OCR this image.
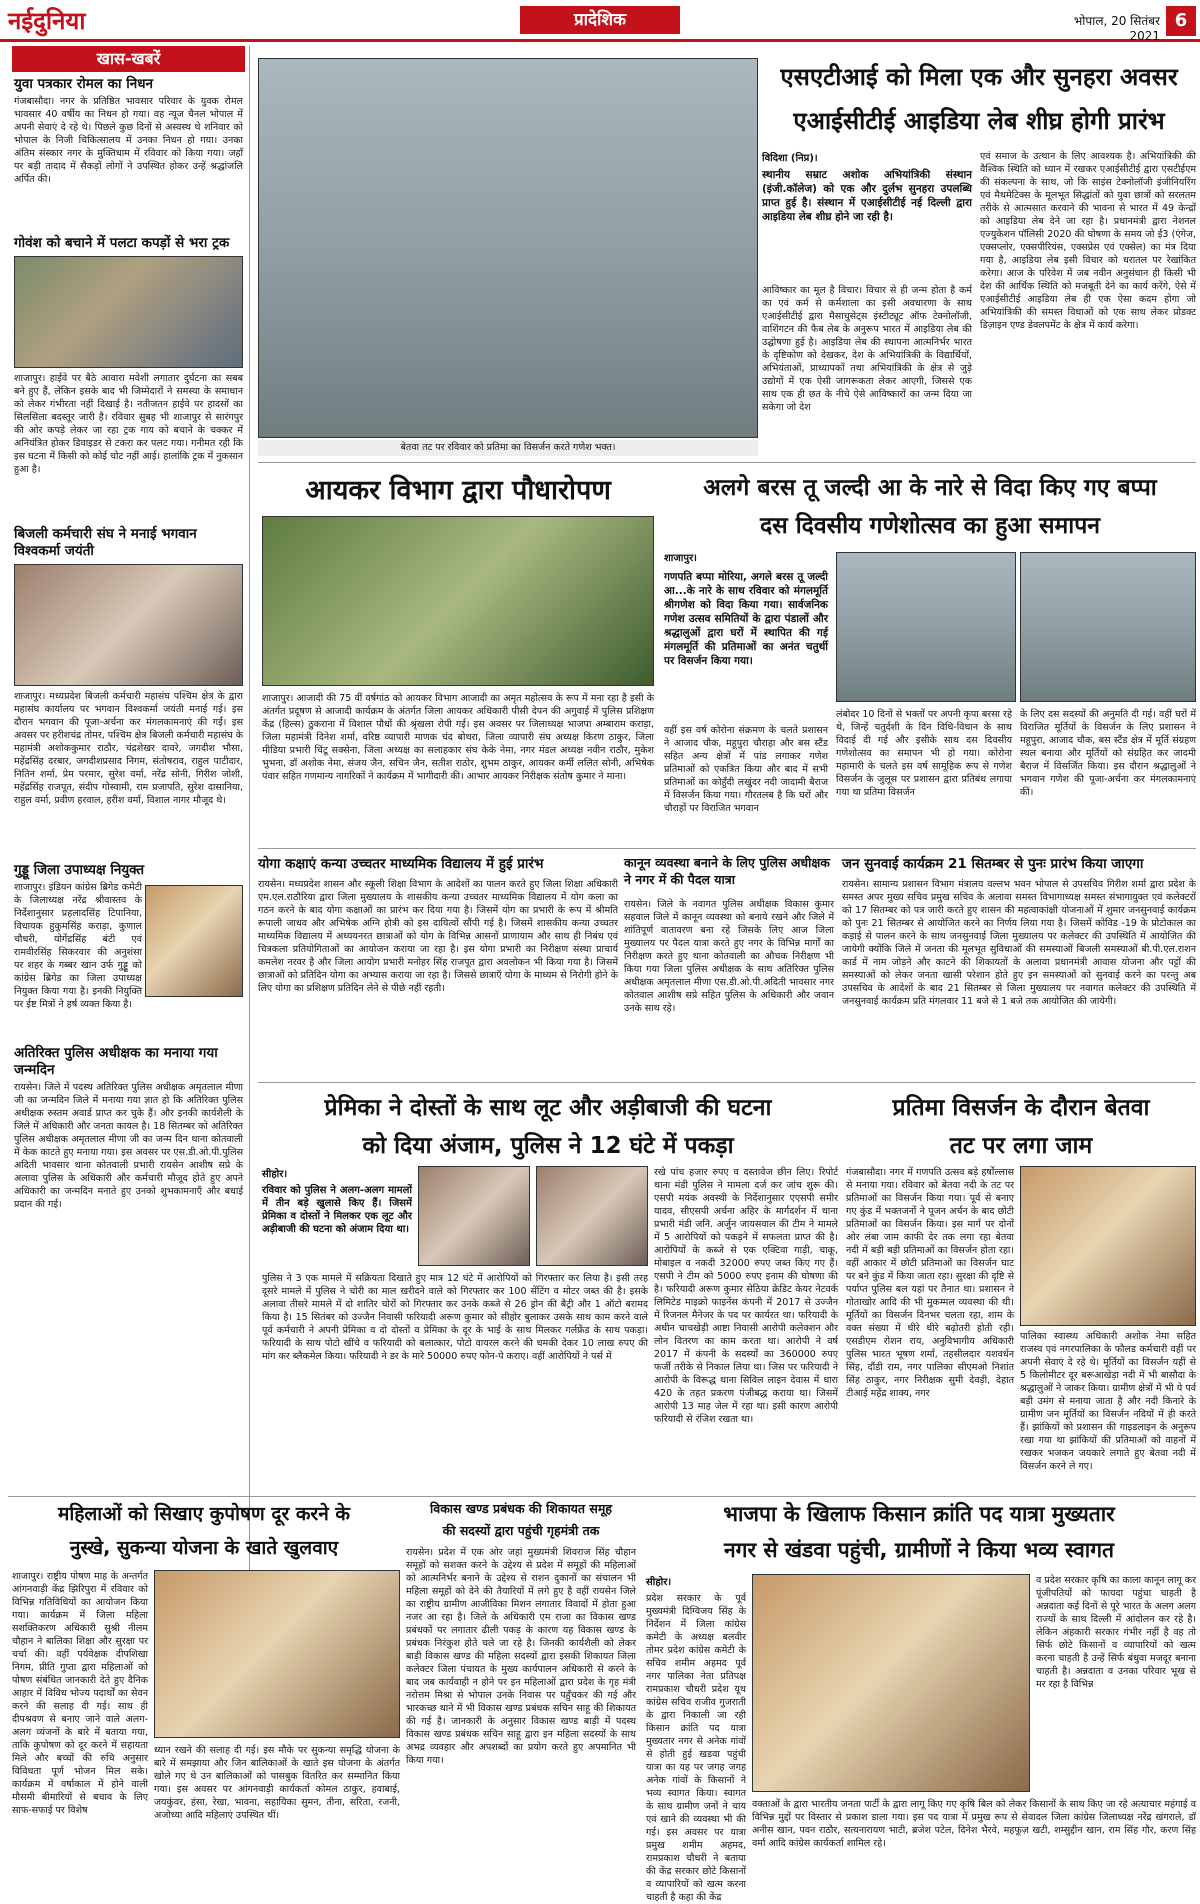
नईदुनिया	प्रादेशिक	भोपाल, 20 सितंबर 2021
6
खास-खबरें
युवा पत्रकार रोमल का निधन
गंजबासौदा। नगर के प्रतिष्ठित भावसार परिवार के युवक रोमल भावसार 40 वर्षीय का निधन हो गया। वह न्यूज चैनल भोपाल में अपनी सेवाएं दे रहे थे। पिछले कुछ दिनों से अस्वस्थ थे शनिवार को भोपाल के निजी चिकित्सालय में उनका निधन हो गया। उनका अंतिम संस्कार नगर के मुक्तिधाम में रविवार को किया गया। जहाँ पर बड़ी तादाद में सैकड़ों लोगों ने उपस्थित होकर उन्हें श्रद्धांजलि अर्पित की।
गोवंश को बचाने में पलटा कपड़ों से भरा ट्रक
शाजापुर। हाईवे पर बैठे आवारा मवेशी लगातार दुर्घटना का सबब बने हुए हैं, लेकिन इसके बाद भी जिम्मेदारों ने समस्या के समाधान को लेकर गंभीरता नहीं दिखाई है। नतीजतन हाईवे पर हादसों का सिलसिला बदस्तूर जारी है। रविवार सुबह भी शाजापुर से सारंगपुर की ओर कपड़े लेकर जा रहा ट्रक गाय को बचाने के चक्कर में अनियंत्रित होकर डिवाइडर से टकरा कर पलट गया। गनीमत रही कि इस घटना में किसी को कोई चोट नहीं आई। हालांकि ट्रक में नुकसान हुआ है।
बिजली कर्मचारी संघ ने मनाई भगवान विश्वकर्मा जयंती
शाजापुर। मध्यप्रदेश बिजली कर्मचारी महासंघ पश्चिम क्षेत्र के द्वारा महासंघ कार्यालय पर भगवान विश्वकर्मा जयंती मनाई गई। इस दौरान भगवान की पूजा-अर्चना कर मंगलकामनाएं की गईं। इस अवसर पर हरीशचंद्र तोमर, पश्चिम क्षेत्र बिजली कर्मचारी महासंघ के महामंत्री अशोककुमार राठौर, चंद्रशेखर दावरे, जगदीश भौसा, महेंद्रसिंह दरबार, जगदीशप्रसाद निगम, संतोषराव, राहुल पाटीदार, नितिन शर्मा, प्रेम परमार, सुरेश वर्मा, नरेंद्र सोनी, गिरीश जोशी, महेंद्रसिंह राजपूत, संदीप गोस्वामी, राम प्रजापति, सुरेश दासानिया, राहुल वर्मा, प्रवीण हरवाल, हरीश वर्मा, विशाल नागर मौजूद थे।
गुड्डू जिला उपाध्यक्ष नियुक्त
शाजापुर। इंडियन कांग्रेस ब्रिगेड कमेटी के जिलाध्यक्ष नरेंद्र श्रीवास्तव के निर्देशानुसार प्रहलादसिंह टिपानिया, विधायक हुकुमसिंह कराड़ा, कुणाल चौधरी, योगेंद्रसिंह बंटी एवं रामवीरसिंह सिकरवार की अनुशंसा पर शहर के गब्बर खान उर्फ गुड्डू को कांग्रेस ब्रिगेड का जिला उपाध्यक्ष नियुक्त किया गया है। इनकी नियुक्ति पर ईष्ट मित्रों ने हर्ष व्यक्त किया है।
अतिरिक्त पुलिस अधीक्षक का मनाया गया जन्मदिन
रायसेन। जिले में पदस्थ अतिरिक्त पुलिस अधीक्षक अमृतलाल मीणा जी का जन्मदिन जिले में मनाया गया ज्ञात हो कि अतिरिक्त पुलिस अधीक्षक रुस्तम अवार्ड प्राप्त कर चुके हैं। और इनकी कार्यशैली के जिले में अधिकारी और जनता कायल है। 18 सितम्बर को अतिरिक्त पुलिस अधीक्षक अमृतलाल मीणा जी का जन्म दिन थाना कोतवाली में केक काटते हुए मनाया गया। इस अवसर पर एस.डी.ओ.पी.पुलिस अदिती भावसार थाना कोतवाली प्रभारी रायसेन आशीष सप्रे के अलावा पुलिस के अधिकारी और कर्मचारी मौजूद होते हुए अपने अधिकारी का जन्मदिन मनाते हुए उनको शुभकामनाएँ और बधाई प्रदान की गई।
बेतवा तट पर रविवार को प्रतिमा का विसर्जन करते गणेश भक्त।
एसएटीआई को मिला एक और सुनहरा अवसर
एआईसीटीई आइडिया लेब शीघ्र होगी प्रारंभ
विदिशा (निप्र)।
स्थानीय सम्राट अशोक अभियांत्रिकी संस्थान (इंजी.कॉलेज) को एक और दुर्लभ सुनहरा उपलब्धि प्राप्त हुई है। संस्थान में एआईसीटीई नई दिल्ली द्वारा आइडिया लेब शीघ्र होने जा रही है।
आविष्कार का मूल है विचार। विचार से ही जन्म होता है कर्म का एवं कर्म से कर्मशाला का इसी अवधारणा के साथ एआईसीटीई द्वारा मैसाचुसेट्स इंस्टीट्यूट ऑफ टेक्नोलॉजी, वाशिंगटन की फैब लेब के अनुरूप भारत में आइडिया लेब की उद्घोषणा हुई है। आइडिया लेब की स्थापना आत्मनिर्भर भारत के दृष्टिकोण को देखकर, देश के अभियांत्रिकी के विद्यार्थियों, अभियंताओं, प्राध्यापकों तथा अभियांत्रिकी के क्षेत्र से जुड़े उद्योगों में एक ऐसी जागरूकता लेकर आएगी, जिससे एक साथ एक ही छत के नीचे ऐसे आविष्कारों का जन्म दिया जा सकेगा जो देश
एवं समाज के उत्थान के लिए आवश्यक है। अभियांत्रिकी की वैश्विक स्थिति को ध्यान में रखकर एआईसीटीई द्वारा एसटीईएम की संकल्पना के साथ, जो कि साइंस टेक्नोलॉजी इंजीनियरिंग एवं मैथमेटिक्स के मूलभूत सिद्धांतों को युवा छात्रों को सरलतम तरीके से आत्मसात करवाने की भावना से भारत में 49 केन्द्रों को आइडिया लेब देने जा रहा है। प्रधानमंत्री द्वारा नेशनल एज्युकेशन पॉलिसी 2020 की घोषणा के समय जो ई3 (एंगेज, एक्सप्लोर, एक्सपीरियंस, एक्सप्रेस एवं एक्सेल) का मंत्र दिया गया है, आइडिया लेब इसी विचार को धरातल पर रेखांकित करेगा। आज के परिवेश में जब नवीन अनुसंधान ही किसी भी देश की आर्थिक स्थिति को मजबूती देने का कार्य करेंगे, ऐसे में एआईसीटीई आइडिया लेब ही एक ऐसा कदम होगा जो अभियांत्रिकी की समस्त विधाओं को एक साथ लेकर प्रोडक्ट डिज़ाइन एण्ड डेवलपमेंट के क्षेत्र में कार्य करेगा।
आयकर विभाग द्वारा पौधारोपण
शाजापुर। आजादी की 75 वीं वर्षगांठ को आयकर विभाग आजादी का अमृत महोत्सव के रूप में मना रहा है इसी के अंतर्गत प्रदूषण से आजादी कार्यक्रम के अंतर्गत जिला आयकर अधिकारी पीसी देपन की अगुवाई में पुलिस प्रशिक्षण केंद्र (हिल्स) ठुकराना में विशाल पौधों की श्रृंखला रोपी गई। इस अवसर पर जिलाध्यक्ष भाजपा अम्बाराम कराड़ा, जिला महामंत्री दिनेश शर्मा, वरिष्ठ व्यापारी माणक चंद बोथरा, जिला व्यापारी संघ अध्यक्ष किरण ठाकुर, जिला मीडिया प्रभारी चिंटू सक्सेना, जिला अध्यक्ष का सलाहकार संघ केके नेमा, नगर मंडल अध्यक्ष नवीन राठौर, मुकेश भुभना, डॉ अशोक नेमा, संजय जैन, सचिन जैन, सतीश राठोर, शुभम ठाकुर, आयकर कर्मी ललित सोनी, अभिषेक पंवार सहित गणमान्य नागरिकों ने कार्यक्रम में भागीदारी की। आभार आयकर निरीक्षक संतोष कुमार ने माना।
अलगे बरस तू जल्दी आ के नारे से विदा किए गए बप्पा
दस दिवसीय गणेशोत्सव का हुआ समापन
शाजापुर।
गणपति बप्पा मोरिया, अगले बरस तू जल्दी आ...के नारे के साथ रविवार को मंगलमूर्ति श्रीगणेश को विदा किया गया। सार्वजनिक गणेश उत्सव समितियों के द्वारा पंडालों और श्रद्धालुओं द्वारा घरों में स्थापित की गई मंगलमूर्ति की प्रतिमाओं का अनंत चतुर्थी पर विसर्जन किया गया।
वहीं इस वर्ष कोरोना संक्रमण के चलते प्रशासन ने आजाद चौक, महूपुरा चौराहा और बस स्टैंड सहित अन्य क्षेत्रों में पांड लगाकर गणेश प्रतिमाओं को एकत्रित किया और बाद में सभी प्रतिमाओं का कोहुँदी लखुंदर नदी जादामी बैराज में विसर्जन किया गया। गौरतलब है कि घरों और चौराहों पर विराजित भगवान
लंबोदर 10 दिनों से भक्तों पर अपनी कृपा बरसा रहे थे, जिन्हें चतुर्दशी के दिन विधि-विधान के साथ विदाई दी गई और इसीके साथ दस दिवसीय गणेशोत्सव का समापन भी हो गया। कोरोना महामारी के चलते इस वर्ष सामूहिक रूप से गणेश विसर्जन के जुलूस पर प्रशासन द्वारा प्रतिबंध लगाया गया था प्रतिमा विसर्जन
के लिए दस सदस्यों की अनुमति दी गई। वहीं घरों में विराजित मूर्तियों के विसर्जन के लिए प्रशासन ने महूपुरा, आजाद चौक, बस स्टैंड क्षेत्र में मूर्ति संग्रहण स्थल बनाया और मूर्तियों को संग्रहित कर जादमी बैराज में विसर्जित किया। इस दौरान श्रद्धालुओं ने भगवान गणेश की पूजा-अर्चना कर मंगलकामनाएं कीं।
योगा कक्षाएं कन्या उच्चतर माध्यमिक विद्यालय में हुई प्रारंभ
रायसेन। मध्यप्रदेश शासन और स्कूली शिक्षा विभाग के आदेशों का पालन करते हुए जिला शिक्षा अधिकारी एम.एल.राठौरिया द्वारा जिला मुख्यालय के शासकीय कन्या उच्चतर माध्यमिक विद्यालय में योग कला का गठन करने के बाद योगा कक्षाओं का प्रारंभ कर दिया गया है। जिसमें योग का प्रभारी के रूप में श्रीमति रूपाली जाधव और अभिषेक अग्नि होत्री को इस दायित्वों सौंपी गई है। जिसमें शासकीय कन्या उच्चतर माध्यमिक विद्यालय में अध्ययनरत छात्राओं को योग के विभिन्न आसनों प्राणायाम और साथ ही निबंध एवं चित्रकला प्रतियोगिताओं का आयोजन कराया जा रहा है। इस योगा प्रभारी का निरीक्षण संस्था प्राचार्य कमलेश नरवर है और जिला आयोग प्रभारी मनोहर सिंह राजपूत द्वारा अवलोकन भी किया गया है। जिसमें छात्राओं को प्रतिदिन योगा का अभ्यास कराया जा रहा है। जिससे छात्राएँ योगा के माध्यम से निरोगी होने के लिए योगा का प्रशिक्षण प्रतिदिन लेने से पीछे नहीं रहती।
कानून व्यवस्था बनाने के लिए पुलिस अधीक्षक ने नगर में की पैदल यात्रा
रायसेन। जिले के नवागत पुलिस अधीक्षक विकास कुमार सहवाल जिले में कानून व्यवस्था को बनाये रखने और जिले में शांतिपूर्ण वातावरण बना रहे जिसके लिए आज जिला मुख्यालय पर पैदल यात्रा करते हुए नगर के विभिन्न मार्गों का निरीक्षण करते हुए थाना कोतवाली का औचक निरीक्षण भी किया गया जिला पुलिस अधीक्षक के साथ अतिरिक्त पुलिस अधीक्षक अमृतलाल मीणा एस.डी.ओ.पी.अदिती भावसार नगर कोतवाल आशीष सप्रे सहित पुलिस के अधिकारी और जवान उनके साथ रहे।
जन सुनवाई कार्यक्रम 21 सितम्बर से पुनः प्रारंभ किया जाएगा
रायसेन। सामान्य प्रशासन विभाग मंत्रालय वल्लभ भवन भोपाल से उपसचिव गिरीश शर्मा द्वारा प्रदेश के समस्त अपर मुख्य सचिव प्रमुख सचिव के अलावा समस्त विभागाध्यक्ष समस्त संभागायुक्त एवं कलेक्टरों को 17 सितम्बर को पत्र जारी करते हुए शासन की महत्वाकांक्षी योजनाओं में शुमार जनसुनवाई कार्यक्रम को पुनः 21 सितम्बर से आयोजित करने का निर्णय लिया गया है। जिसमें कोविड -19 के प्रोटोकाल का कड़ाई से पालन करने के साथ जनसुनवाई जिला मुख्यालय पर कलेक्टर की उपस्थिति में आयोजित की जायेगी क्योंकि जिले में जनता की मूलभूत सुविधाओं की समस्याओं बिजली समस्याओं बी.पी.एल.राशन कार्ड में नाम जोड़ने और काटने की शिकायतों के अलावा प्रधानमंत्री आवास योजना और पट्टों की समस्याओं को लेकर जनता खासी परेशान होते हुए इन समस्याओं को सुनवाई करने का परन्तु अब उपसचिव के आदेशों के बाद 21 सितम्बर से जिला मुख्यालय पर नवागत कलेक्टर की उपस्थिति में जनसुनवाई कार्यक्रम प्रति मंगलवार 11 बजे से 1 बजे तक आयोजित की जायेगी।
प्रेमिका ने दोस्तों के साथ लूट और अड़ीबाजी की घटना
को दिया अंजाम, पुलिस ने 12 घंटे में पकड़ा
सीहोर।
रविवार को पुलिस ने अलग-अलग मामलों में तीन बड़े खुलासे किए हैं। जिसमें प्रेमिका व दोस्तों ने मिलकर एक लूट और अड़ीबाजी की घटना को अंजाम दिया था।
पुलिस ने 3 एक मामले में सक्रियता दिखाते हुए मात्र 12 घंटे में आरोपियों को गिरफ्तार कर लिया है। इसी तरह दूसरे मामले में पुलिस ने चोरी का माल खरीदने वाले को गिरफ्तार कर 100 सेंटिंग व मोटर जब्त की है। इसके अलावा तीसरे मामले में दो शातिर चोरों को गिरफ्तार कर उनके कब्जे से 26 ड्रोन की बैट्री और 1 ऑटो बरामद किया है। 15 सितंबर को उज्जैन निवासी फरियादी अरूण कुमार को सीहोर बुलाकर उसके साथ काम करने वाले पूर्व कर्मचारी ने अपनी प्रेमिका व दो दोस्तों व प्रेमिका के दूर के भाई के साथ मिलकर गर्लफ्रेंड के साथ पकड़ा। फरियादी के साथ पोटो खींचे व फरियादी को बलात्कार, पोटो वायरल करने की धमकी देकर 10 लाख रुपए की मांग कर ब्लैकमेल किया। फरियादी ने डर के मारे 50000 रुपए फोन-पे कराए। वहीं आरोपियों ने पर्स में
रखे पांच हजार रुपए व दस्तावेज छीन लिए। रिपोर्ट थाना मंडी पुलिस ने मामला दर्ज कर जांच शुरू की। एसपी मयंक अवस्थी के निर्देशानुसार एएसपी समीर यादव, सीएसपी अर्चना अहिर के मार्गदर्शन में थाना प्रभारी मंडी जनि. अर्जुन जायसवाल की टीम ने मामले में 5 आरोपियों को पकड़ने में सफलता प्राप्त की है। आरोपियों के कब्जे से एक एक्टिवा गाड़ी, चाकू, मोबाइल व नकदी 32000 रुपए जब्त किए गए हैं। एसपी ने टीम को 5000 रुपए इनाम की घोषणा की है। फरियादी अरूण कुमार सेठिया क्रेडिट केयर नेटवर्क लिमिटेड माइक्रो फाइनेंस कंपनी में 2017 से उज्जैन में रिजनल मैनेजर के पद पर कार्यरत था। फरियादी के अधीन चाचखेड़ी आष्टा निवासी आरोपी कलेक्शन और लोन वितरण का काम करता था। आरोपी ने वर्ष 2017 में कंपनी के सदस्यों का 360000 रुपए फर्जी तरीके से निकाल लिया था। जिस पर फरियादी ने आरोपी के विरूद्ध थाना सिविल लाइन देवास में धारा 420 के तहत प्रकरण पंजीबद्ध कराया था। जिसमें आरोपी 13 माह जेल में रहा था। इसी कारण आरोपी फरियादी से रंजिश रखता था।
प्रतिमा विसर्जन के दौरान बेतवा
तट पर लगा जाम
गंजबासौदा। नगर में गणपति उत्सव बड़े हर्षोल्लास से मनाया गया। रविवार को बेतवा नदी के तट पर प्रतिमाओं का विसर्जन किया गया। पूर्व से बनाए गए कुंड में भक्तजनों ने पूजन अर्चन के बाद छोटी प्रतिमाओं का विसर्जन किया। इस मार्ग पर दोनों ओर लंबा जाम काफी देर तक लगा रहा बेतवा नदी में बड़ी बड़ी प्रतिमाओं का विसर्जन होता रहा। वहीं आकार में छोटी प्रतिमाओं का विसर्जन घाट पर बने कुंड में किया जाता रहा। सुरक्षा की दृष्टि से पर्याप्त पुलिस बल यहां पर तैनात था। प्रशासन ने गोताखोर आदि की भी मुकम्मल व्यवस्था की थी। मूर्तियों का विसर्जन दिनभर चलता रहा, शाम के वक्त संख्या में धीरे धीरे बढ़ोतरी होती रही। एसडीएम रोशन राय, अनुविभागीय अधिकारी पुलिस भारत भूषण शर्मा, तहसीलदार यशवर्धन सिंह, दौंडी राम, नगर पालिका सीएमओ निशांत सिंह ठाकुर, नगर निरीक्षक सुमी देवड़ी, देहात टीआई महेंद्र शाक्य, नगर
पालिका स्वास्थ्य अधिकारी अशोक नेमा सहित राजस्व एवं नगरपालिका के फौलड कर्मचारी वहीं पर अपनी सेवाएं दे रहे थे। मूर्तियों का विसर्जन यहीं से 5 किलोमीटर दूर बरूआखेड़ा नदी में भी बासौदा के श्रद्धालुओं ने जाकर किया। ग्रामीण क्षेत्रों में भी ये पर्व बड़ी उमंग से मनाया जाता है और नदी किनारे के ग्रामीण जन मूर्तियों का विसर्जन नदियों में ही करते हैं। झांकियों को प्रशासन की गाइडलाइन के अनुरूप रखा गया था झांकियों की प्रतिमाओं को वाहनों में रखकर भजकन जयकारे लगाते हुए बेतवा नदी में विसर्जन करने ले गए।
महिलाओं को सिखाए कुपोषण दूर करने के
नुस्खे, सुकन्या योजना के खाते खुलवाए
शाजापुर। राष्ट्रीय पोषण माह के अन्तर्गत आंगनवाड़ी केंद्र झिरिपुरा में रविवार को विभिन्न गतिविधियों का आयोजन किया गया। कार्यक्रम में जिला महिला सशक्तिकरण अधिकारी सुश्री नीलम चौहान ने बालिका शिक्षा और सुरक्षा पर चर्चा की। वहीं पर्यवेक्षक दीपशिखा निगम, प्रीति गुप्ता द्वारा महिलाओं को पोषण संबंधित जानकारी देते हुए दैनिक आहार में विविध भोज्य पदार्थों का सेवन करने की सलाह दी गई। साथ ही दीपश्रवण से बनाए जाने वाले अलग-अलग व्यंजनों के बारे में बताया गया, ताकि कुपोषण को दूर करने में सहायता मिले और बच्चों की रुचि अनुसार विविधता पूर्ण भोजन मिल सके। कार्यक्रम में वर्षाकाल में होने वाली मौसमी बीमारियों से बचाव के लिए साफ-सफाई पर विशेष
ध्यान रखने की सलाह दी गई। इस मौके पर सुकन्या समृद्धि योजना के बारे में समझाया और जिन बालिकाओं के खाते इस योजना के अंतर्गत खोले गए थे उन बालिकाओं को पासबुक वितरित कर सम्मानित किया गया। इस अवसर पर आंगनवाड़ी कार्यकर्ता कोमल ठाकुर, हवाबाई, जयकुंवर, हंसा, रेखा, भावना, सहायिका सुमन, तीना, सरिता, रजनी, अजोध्या आदि महिलाएं उपस्थित थीं।
विकास खण्ड प्रबंधक की शिकायत समूह
की सदस्यों द्वारा पहुंची गृहमंत्री तक
रायसेन। प्रदेश में एक ओर जहां मुख्यमंत्री शिवराज सिंह चौहान समूहों को सशक्त करने के उद्देश्य से प्रदेश में समूहों की महिलाओं को आत्मनिर्भर बनाने के उद्देश्य से राशन दुकानों का संचालन भी महिला समूहों को देने की तैयारियों में लगे हुए है वहीं रायसेन जिले का राष्ट्रीय ग्रामीण आजीविका मिशन लगातार विवादों में होता हुआ नजर आ रहा है। जिले के अधिकारी एम राजा का विकास खण्ड प्रबंधकों पर लगातार ढीली पकड़ के कारण यह विकास खण्ड के प्रबंधक निरंकुश होते चले जा रहे है। जिनकी कार्यशैली को लेकर बाड़ी विकास खण्ड की महिला सदस्यों द्वारा इसकी शिकायत जिला कलेक्टर जिला पंचायत के मुख्य कार्यपालन अधिकारी से करने के बाद जब कार्यवाही न होने पर इन महिलाओं द्वारा प्रदेश के गृह मंत्री नरोत्तम मिश्रा से भोपाल उनके निवास पर पहुँचकर की गई और भारकच्छ थाने में भी विकास खण्ड प्रबंधक सचिन साहू की शिकायत की गई है। जानकारी के अनुसार विकास खण्ड बाड़ी में पदस्थ विकास खण्ड प्रबंधक सचिन साहू द्वारा इन महिला सदस्यों के साथ अभद्र व्यवहार और अपशब्दों का प्रयोग करते हुए अपमानित भी किया गया।
भाजपा के खिलाफ किसान क्रांति पद यात्रा मुख्यतार
नगर से खंडवा पहुंची, ग्रामीणों ने किया भव्य स्वागत
सीहोर।
प्रदेश सरकार के पूर्व मुख्यमंत्री दिग्विजय सिंह के निर्देशन में जिला कांग्रेस कमेटी के अध्यक्ष बलवीर तोमर प्रदेश कांग्रेस कमेटी के सचिव शमीम अहमद पूर्व नगर पालिका नेता प्रतिपक्ष रामप्रकाश चौधरी प्रदेश यूथ कांग्रेस सचिव राजीव गुजराती के द्वारा निकाली जा रही किसान क्रांति पद यात्रा मुख्यतार नगर से अनेक गांवों से होती हुई खडवा पहुंची यात्रा का यह पर जगह जगह अनेक गांवों के किसानों ने भव्य स्वागत किया। स्वागत के साथ ग्रामीण जनों ने चाय एवं खाने की व्यवस्था भी की गई। इस अवसर पर यात्रा प्रमुख शमीम अहमद, रामप्रकाश चौधरी ने बताया की केंद्र सरकार छोटे किसानों व व्यापारियों को खत्म करना चाहती है कहा की केंद्र
व प्रदेश सरकार कृषि का काला कानून लागू कर पूंजीपतियों को फायदा पहुंचा चाहती है अन्नदाता कई दिनों से पूरे भारत के अलग अलग राज्यों के साथ दिल्ली में आंदोलन कर रहे है। लेकिन अंहकारी सरकार गंभीर नहीं है वह तो सिर्फ छोटे किसानों व व्यापारियों को खत्म करना चाहती है उन्हें सिर्फ बंधुवा मजदूर बनाना चाहती है। अन्नदाता व उनका परिवार भूख से मर रहा है विभिन्न
वक्ताओं के द्वारा भारतीय जनता पार्टी के द्वारा लागू किए गए कृषि बिल को लेकर किसानों के साथ किए जा रहे अत्याचार महंगाई व विभिन्न मुद्दों पर विस्तार से प्रकाश डाला गया। इस पद यात्रा में प्रमुख रूप से सेवादल जिला कांग्रेस जिलाध्यक्ष नरेंद्र खंगराले, डॉ अनीस खान, पवन राठौर, सत्यनारायण भाटी, ब्रजेश पटेल, दिनेश भैरवे, महफूज़ खटी, शम्सुद्दीन खान, राम सिंह गौर, करण सिंह वर्मा आदि कांग्रेस कार्यकर्ता शामिल रहे।
